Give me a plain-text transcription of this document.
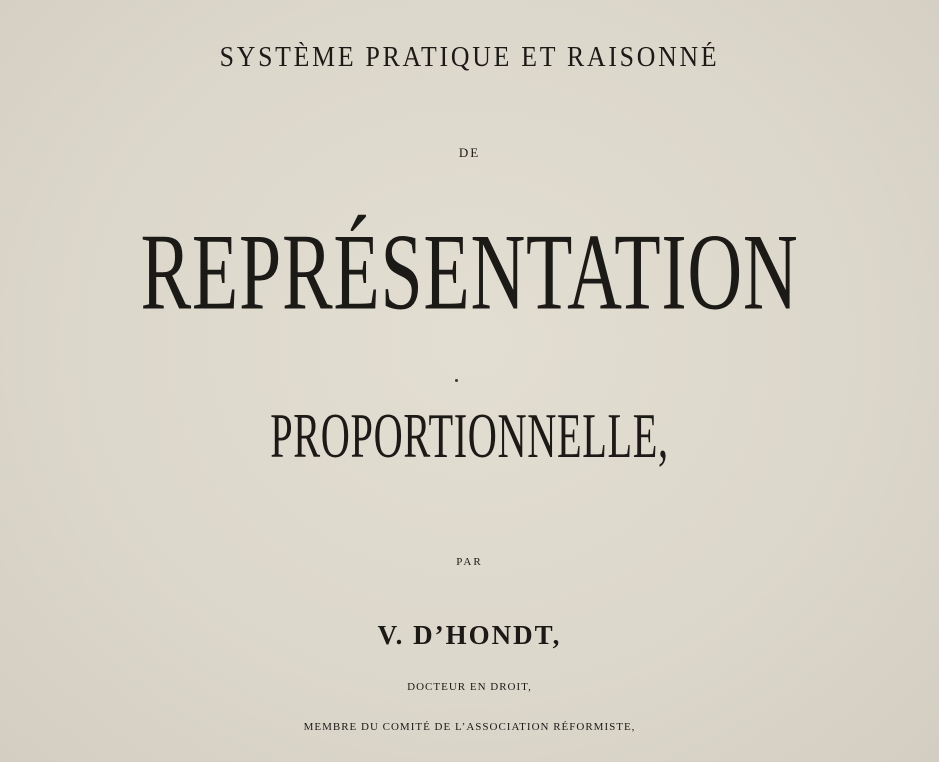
SYSTÈME PRATIQUE ET RAISONNÉ
DE
REPRÉSENTATION
PROPORTIONNELLE,
PAR
V. D’HONDT,
DOCTEUR EN DROIT,
MEMBRE DU COMITÉ DE L’ASSOCIATION RÉFORMISTE,
